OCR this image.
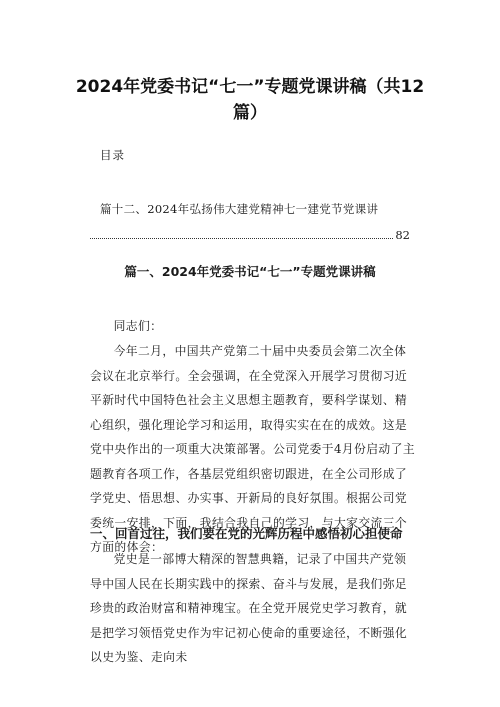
2024年党委书记“七一”专题党课讲稿（共12篇）
目录
篇十二、2024年弘扬伟大建党精神七一建党节党课讲
82
篇一、2024年党委书记“七一”专题党课讲稿

同志们：

今年二月，中国共产党第二十届中央委员会第二次全体会议在北京举行。全会强调，在全党深入开展学习贯彻习近平新时代中国特色社会主义思想主题教育，要科学谋划、精心组织，强化理论学习和运用，取得实实在在的成效。这是党中央作出的一项重大决策部署。公司党委于4月份启动了主题教育各项工作，各基层党组织密切跟进，在全公司形成了学党史、悟思想、办实事、开新局的良好氛围。根据公司党委统一安排，下面，我结合我自己的学习，与大家交流三个方面的体会：

一、回首过往，我们要在党的光辉历程中感悟初心担使命

党史是一部博大精深的智慧典籍，记录了中国共产党领导中国人民在长期实践中的探索、奋斗与发展，是我们弥足珍贵的政治财富和精神瑰宝。在全党开展党史学习教育，就是把学习领悟党史作为牢记初心使命的重要途径，不断强化以史为鉴、走向未
